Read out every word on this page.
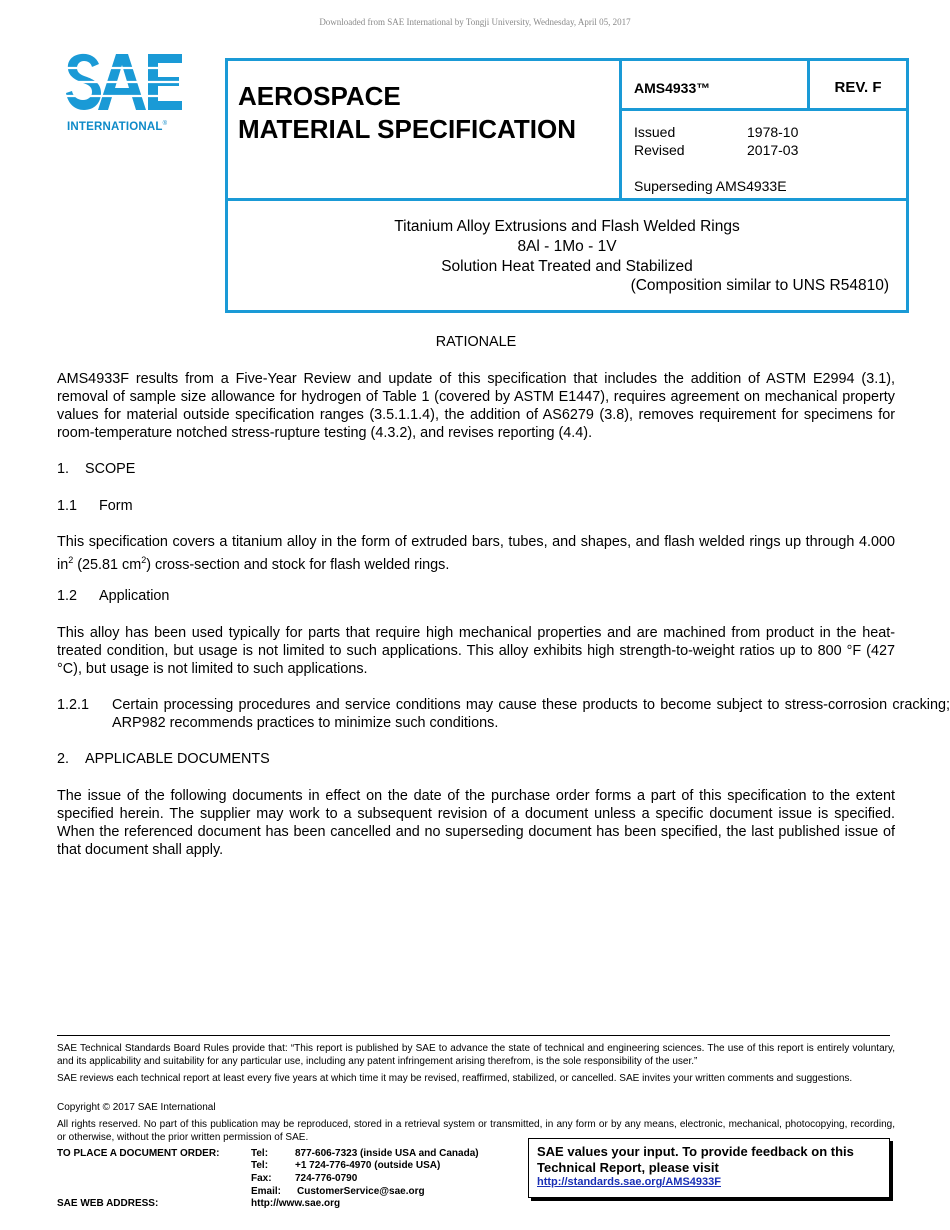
Downloaded from SAE International by Tongji University, Wednesday, April 05, 2017
INTERNATIONAL®
AEROSPACE
MATERIAL SPECIFICATION
AMS4933™	REV. F
Issued	1978-10
Revised	2017-03
Superseding AMS4933E
Titanium Alloy Extrusions and Flash Welded Rings
8Al - 1Mo - 1V
Solution Heat Treated and Stabilized
(Composition similar to UNS R54810)
RATIONALE
AMS4933F results from a Five-Year Review and update of this specification that includes the addition of ASTM E2994 (3.1), removal of sample size allowance for hydrogen of Table 1 (covered by ASTM E1447), requires agreement on mechanical property values for material outside specification ranges (3.5.1.1.4), the addition of AS6279 (3.8), removes requirement for specimens for room-temperature notched stress-rupture testing (4.3.2), and revises reporting (4.4).
1. SCOPE
1.1 Form
This specification covers a titanium alloy in the form of extruded bars, tubes, and shapes, and flash welded rings up through 4.000 $in^2$ (25.81 $cm^2$) cross-section and stock for flash welded rings.
1.2 Application
This alloy has been used typically for parts that require high mechanical properties and are machined from product in the heat-treated condition, but usage is not limited to such applications. This alloy exhibits high strength-to-weight ratios up to 800 °F (427 °C), but usage is not limited to such applications.
1.2.1 Certain processing procedures and service conditions may cause these products to become subject to stress-corrosion cracking; ARP982 recommends practices to minimize such conditions.
2. APPLICABLE DOCUMENTS
The issue of the following documents in effect on the date of the purchase order forms a part of this specification to the extent specified herein. The supplier may work to a subsequent revision of a document unless a specific document issue is specified. When the referenced document has been cancelled and no superseding document has been specified, the last published issue of that document shall apply.
SAE Technical Standards Board Rules provide that: “This report is published by SAE to advance the state of technical and engineering sciences. The use of this report is entirely voluntary, and its applicability and suitability for any particular use, including any patent infringement arising therefrom, is the sole responsibility of the user.”
SAE reviews each technical report at least every five years at which time it may be revised, reaffirmed, stabilized, or cancelled. SAE invites your written comments and suggestions.
Copyright © 2017 SAE International
All rights reserved. No part of this publication may be reproduced, stored in a retrieval system or transmitted, in any form or by any means, electronic, mechanical, photocopying, recording, or otherwise, without the prior written permission of SAE.
TO PLACE A DOCUMENT ORDER:	Tel:	877-606-7323 (inside USA and Canada)
Tel:	+1 724-776-4970 (outside USA)
Fax: 724-776-0790
Email: CustomerService@sae.org
SAE WEB ADDRESS:	http://www.sae.org
SAE values your input. To provide feedback on this Technical Report, please visit
http://standards.sae.org/AMS4933F
